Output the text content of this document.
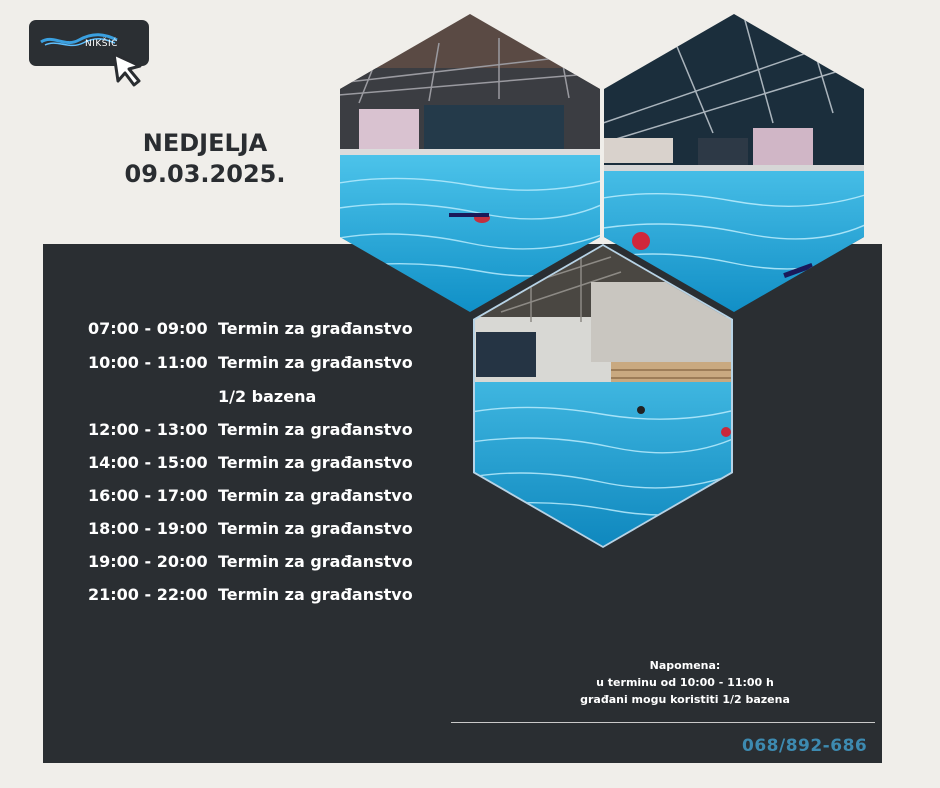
NIKŠIĆ
NEDJELJA
09.03.2025.
07:00 - 09:00 Termin za građanstvo
10:00 - 11:00 Termin za građanstvo
1/2 bazena
12:00 - 13:00 Termin za građanstvo
14:00 - 15:00 Termin za građanstvo
16:00 - 17:00 Termin za građanstvo
18:00 - 19:00 Termin za građanstvo
19:00 - 20:00 Termin za građanstvo
21:00 - 22:00 Termin za građanstvo
Napomena:
u terminu od 10:00 - 11:00 h
građani mogu koristiti 1/2 bazena
068/892-686
